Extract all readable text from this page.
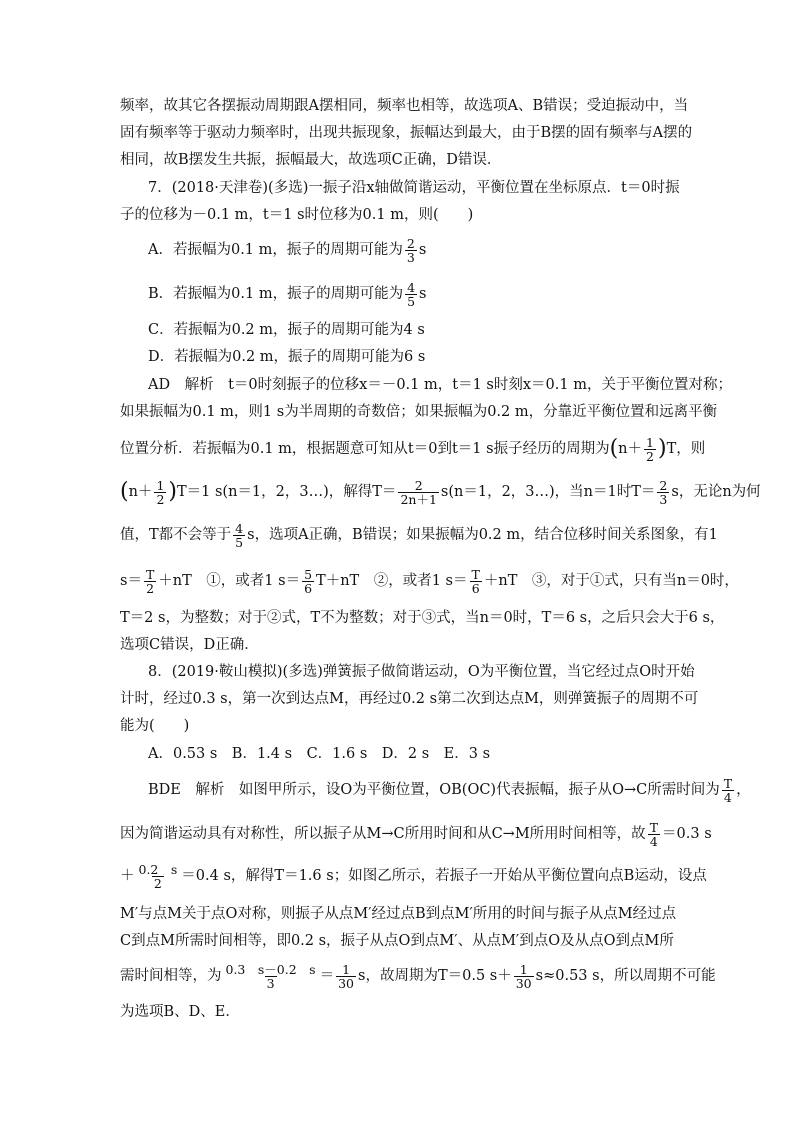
频率，故其它各摆振动周期跟A摆相同，频率也相等，故选项A、B错误；受迫振动中，当
固有频率等于驱动力频率时，出现共振现象，振幅达到最大，由于B摆的固有频率与A摆的
相同，故B摆发生共振，振幅最大，故选项C正确，D错误．
7．(2018·天津卷)(多选)一振子沿x轴做简谐运动，平衡位置在坐标原点．t＝0时振
子的位移为－0.1 m，t＝1 s时位移为0.1 m，则(　　)
A．若振幅为0.1 m，振子的周期可能为 $\frac{2}{3}$ s
B．若振幅为0.1 m，振子的周期可能为 $\frac{4}{5}$ s
C．若振幅为0.2 m，振子的周期可能为4 s
D．若振幅为0.2 m，振子的周期可能为6 s
AD　解析　t＝0时刻振子的位移x＝－0.1 m，t＝1 s时刻x＝0.1 m，关于平衡位置对称；
如果振幅为0.1 m，则1 s为半周期的奇数倍；如果振幅为0.2 m，分靠近平衡位置和远离平衡
位置分析．若振幅为0.1 m，根据题意可知从t＝0到t＝1 s振子经历的周期为$(n+ \frac{1}{2} )T$，则
$(n+ \frac{1}{2} )T=1$ s(n＝1，2，3…)，解得$T= \frac{2}{2n+1} s(n=1$，2，3…)，当n＝1时$T= \frac{2}{3}$ s，无论n为何
值，T都不会等于 $\frac{4}{5}$ s，选项A正确，B错误；如果振幅为0.2 m，结合位移时间关系图象，有1
$s= \frac{T}{2} +nT$　①，或者1 $s= \frac{5}{6} T+nT$　②，或者1 $s= \frac{T}{6} +nT$　③，对于①式，只有当n＝0时，
T＝2 s，为整数；对于②式，T不为整数；对于③式，当n＝0时，T＝6 s，之后只会大于6 s，
选项C错误，D正确．
8．(2019·鞍山模拟)(多选)弹簧振子做简谐运动，O为平衡位置，当它经过点O时开始
计时，经过0.3 s，第一次到达点M，再经过0.2 s第二次到达点M，则弹簧振子的周期不可
能为(　　)
A．0.53 s　B．1.4 s　C．1.6 s　D．2 s　E．3 s
BDE　解析　如图甲所示，设O为平衡位置，OB(OC)代表振幅，振子从O→C所需时间为 $\frac{T}{4}$ ，
因为简谐运动具有对称性，所以振子从M→C所用时间和从C→M所用时间相等，故 $\frac{T}{4} =0.3$ s
＋ $\frac{0.2 s}{2} =0.4$ s，解得T＝1.6 s；如图乙所示，若振子一开始从平衡位置向点B运动，设点
M′与点M关于点O对称，则振子从点M′经过点B到点M′所用的时间与振子从点M经过点
C到点M所需时间相等，即0.2 s，振子从点O到点M′、从点M′到点O及从点O到点M所
需时间相等，为 $\frac{0.3 s-0.2 s}{3} = \frac{1}{30}$ s，故周期为T＝0.5 $s+ \frac{1}{30} s\approx 0.53$ s，所以周期不可能
为选项B、D、E．
